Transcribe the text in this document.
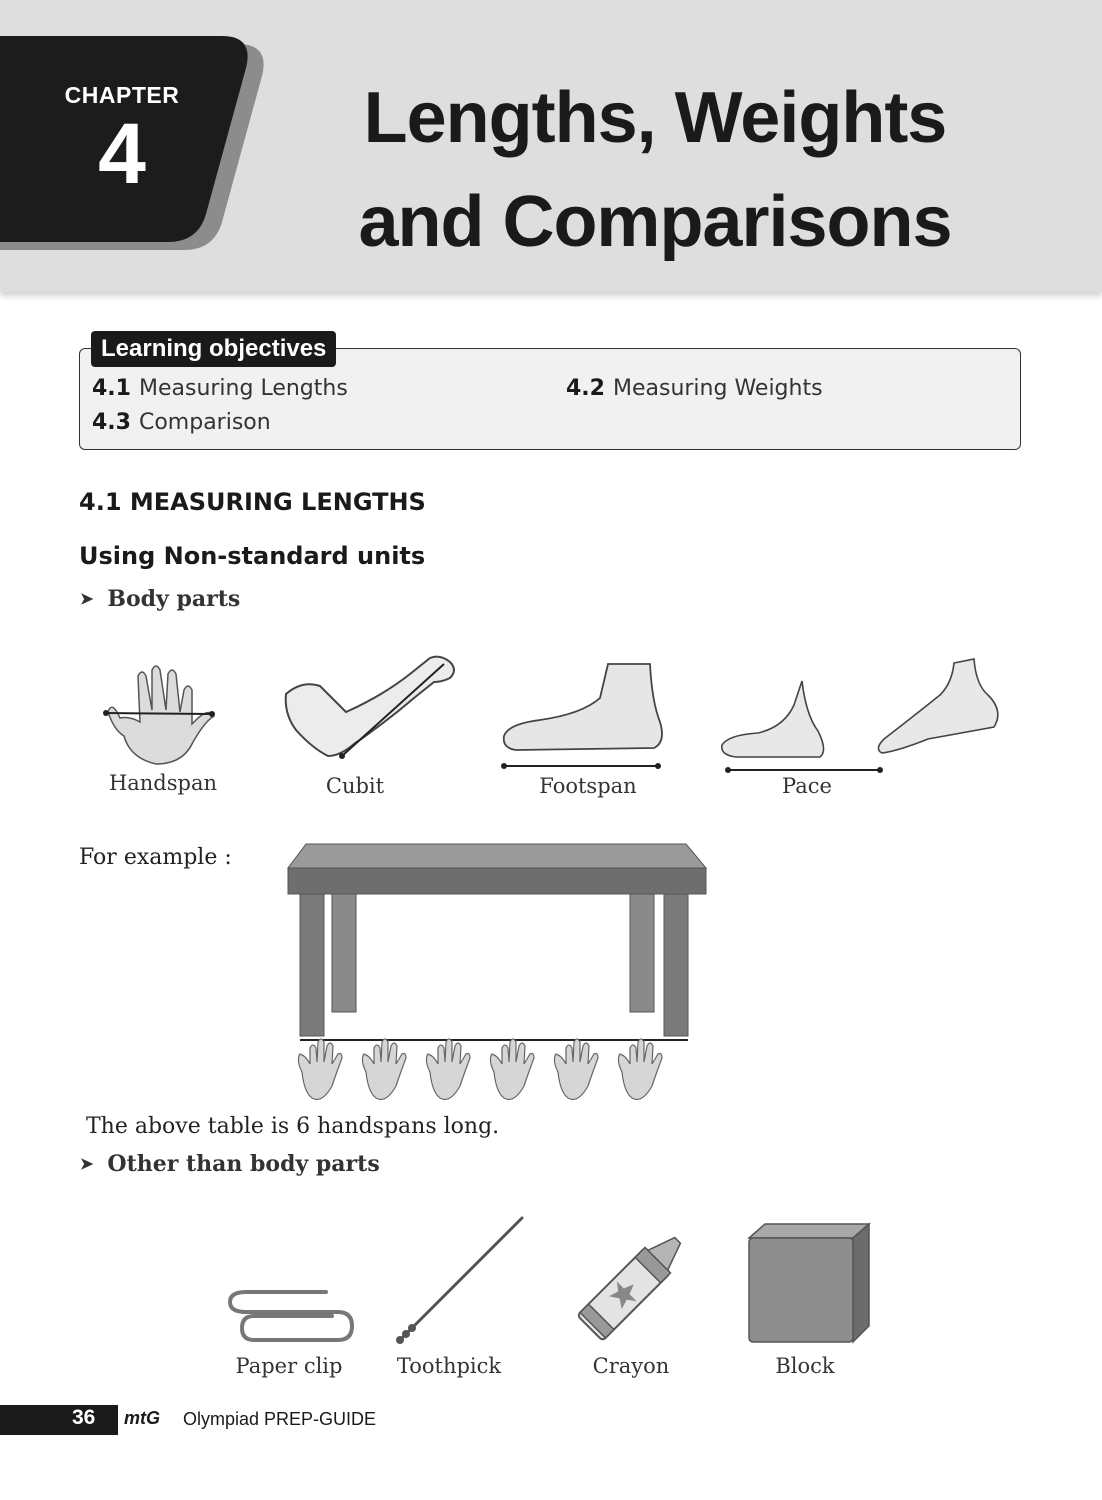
CHAPTER
4	Lengths, Weights
and Comparisons
Learning objectives
4.1 Measuring Lengths	4.2 Measuring Weights
4.3 Comparison
4.1 MEASURING LENGTHS
Using Non-standard units
➤ Body parts
Handspan	Cubit	Footspan	Pace
For example :
The above table is 6 handspans long.
➤ Other than body parts
Paper clip	Toothpick	Crayon	Block
36 mtG Olympiad PREP-GUIDE
